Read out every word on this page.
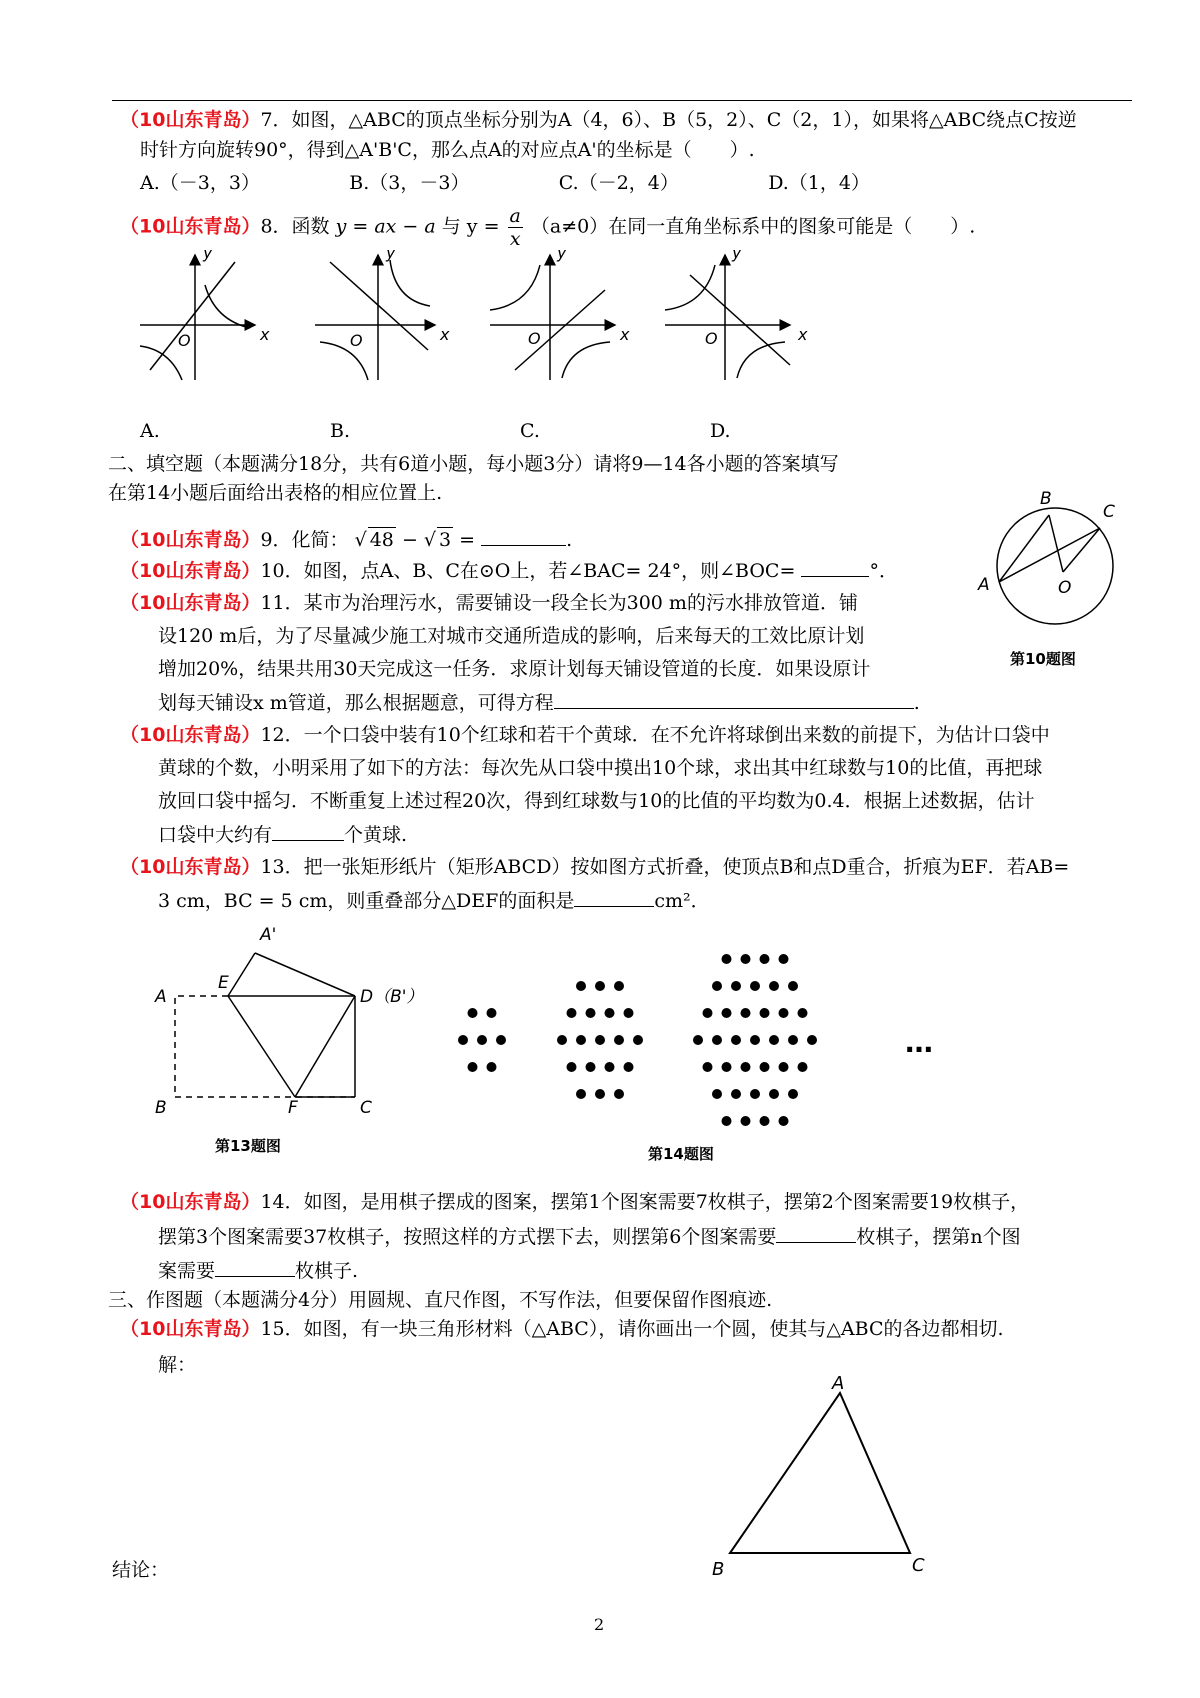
（10山东青岛）7．如图，△ABC的顶点坐标分别为A（4，6）、B（5，2）、C（2，1），如果将△ABC绕点C按逆
时针方向旋转90°，得到△A'B'C，那么点A的对应点A'的坐标是（　　）.
A.（－3，3）	B.（3，－3）	C.（－2，4）	D.（1，4）
（10山东青岛）8．函数 y = ax − a 与 $y = \frac{a}{x} (a\ne 0)$在同一直角坐标系中的图象可能是（　　）.
x
y
O	x
y
O	x
y
O	x
y
O
A.	B.	C.	D.
二、填空题（本题满分18分，共有6道小题，每小题3分）请将9—14各小题的答案填写
在第14小题后面给出表格的相应位置上.
（10山东青岛）9．化简： √ 48 − √ 3 =	.
（10山东青岛）10．如图，点A、B、C在⊙O上，若∠BAC= 24°，则∠BOC=	°．
A
B
C
O
第10题图
（10山东青岛）11．某市为治理污水，需要铺设一段全长为300 m的污水排放管道．铺
设120 m后，为了尽量减少施工对城市交通所造成的影响，后来每天的工效比原计划
增加20%，结果共用30天完成这一任务．求原计划每天铺设管道的长度．如果设原计
划每天铺设x m管道，那么根据题意，可得方程	.
（10山东青岛）12．一个口袋中装有10个红球和若干个黄球．在不允许将球倒出来数的前提下，为估计口袋中
黄球的个数，小明采用了如下的方法：每次先从口袋中摸出10个球，求出其中红球数与10的比值，再把球
放回口袋中摇匀．不断重复上述过程20次，得到红球数与10的比值的平均数为0.4．根据上述数据，估计
口袋中大约有	个黄球.
（10山东青岛）13．把一张矩形纸片（矩形ABCD）按如图方式折叠，使顶点B和点D重合，折痕为EF．若AB=
3 cm，BC = 5 cm，则重叠部分△DEF的面积是	cm²．
A'
A
E
D（B'）
B	F	C
第13题图
…
第14题图
（10山东青岛）14．如图，是用棋子摆成的图案，摆第1个图案需要7枚棋子，摆第2个图案需要19枚棋子，
摆第3个图案需要37枚棋子，按照这样的方式摆下去，则摆第6个图案需要	枚棋子，摆第n个图
案需要	枚棋子.
三、作图题（本题满分4分）用圆规、直尺作图，不写作法，但要保留作图痕迹.
（10山东青岛）15．如图，有一块三角形材料（△ABC），请你画出一个圆，使其与△ABC的各边都相切.
解：
结论：
A
B	C
2
